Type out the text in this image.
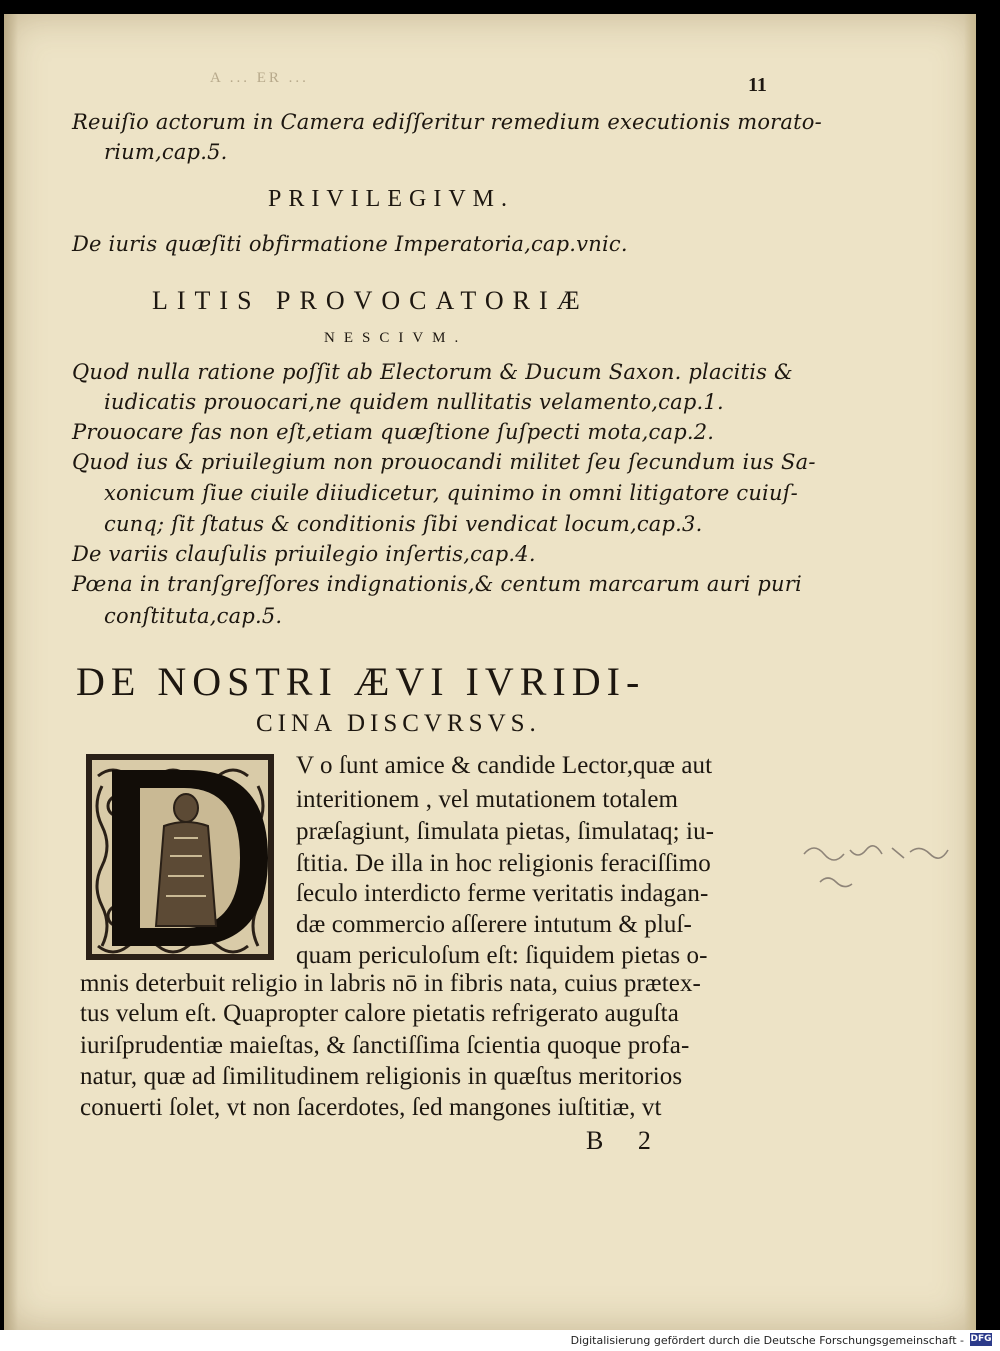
A ... ER ...	11
Reuiſio actorum in Camera ediſſeritur remedium executionis morato-
rium,cap.5.
PRIVILEGIVM.
De iuris quæſiti obfirmatione Imperatoria,cap.vnic.
LITIS PROVOCATORIÆ
NESCIVM.
Quod nulla ratione poſſit ab Electorum & Ducum Saxon. placitis &
iudicatis prouocari,ne quidem nullitatis velamento,cap.1.
Prouocare fas non eſt,etiam quæſtione ſuſpecti mota,cap.2.
Quod ius & priuilegium non prouocandi militet ſeu ſecundum ius Sa-
xonicum ſiue ciuile diiudicetur, quinimo in omni litigatore cuiuſ-
cunq; ſit ſtatus & conditionis ſibi vendicat locum,cap.3.
De variis clauſulis priuilegio inſertis,cap.4.
Pœna in tranſgreſſores indignationis,& centum marcarum auri puri
conſtituta,cap.5.
DE NOSTRI ÆVI IVRIDI-
CINA DISCVRSVS.
D
V o ſunt amice & candide Lector,quæ aut
interitionem , vel mutationem totalem
præſagiunt, ſimulata pietas, ſimulataq; iu-
ſtitia. De illa in hoc religionis feraciſſimo
ſeculo interdicto ferme veritatis indagan-
dæ commercio aſſerere intutum & pluſ-
quam periculoſum eſt: ſiquidem pietas o-
mnis deterbuit religio in labris nō in fibris nata, cuius prætex-
tus velum eſt. Quapropter calore pietatis refrigerato auguſta
iuriſprudentiæ maieſtas, & ſanctiſſima ſcientia quoque profa-
natur, quæ ad ſimilitudinem religionis in quæſtus meritorios
conuerti ſolet, vt non ſacerdotes, ſed mangones iuſtitiæ, vt
B 2
Digitalisierung gefördert durch die Deutsche Forschungsgemeinschaft - DFG
